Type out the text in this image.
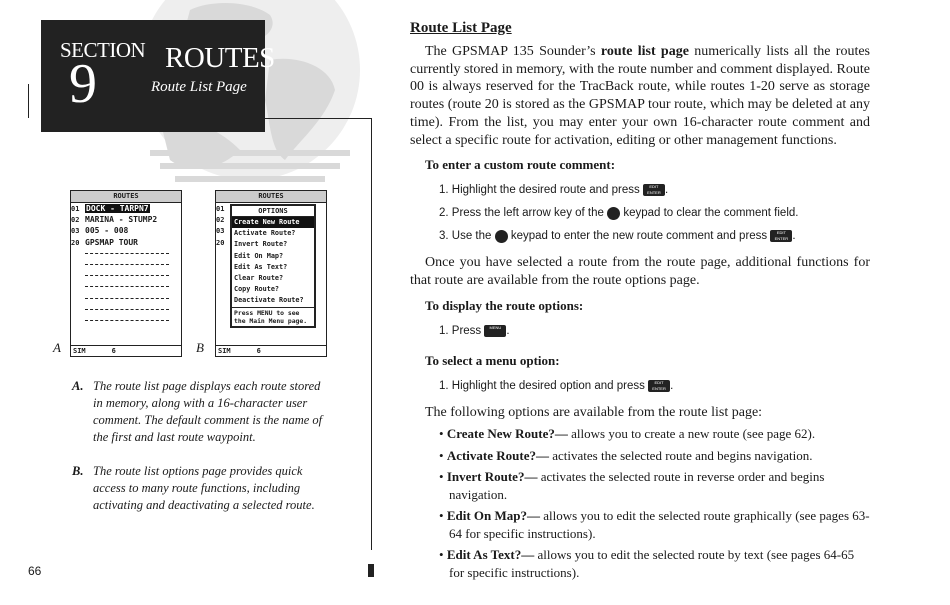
SECTION
9 ROUTES
Route List Page
ROUTES
01 DOCK - TARPN7
02 MARINA - STUMP2
03 005 - 008
20 GPSMAP TOUR

SIM	6
A
ROUTES
01
02
03
20
OPTIONS
Create New Route
Activate Route?
Invert Route?
Edit On Map?
Edit As Text?
Clear Route?
Copy Route?
Deactivate Route?
Press MENU to see the Main Menu page.
SIM	6
B
A. The route list page displays each route stored in memory, along with a 16-character user comment. The default comment is the name of the first and last route waypoint.
B. The route list options page provides quick access to many route functions, including activating and deactivating a selected route.
66
Route List Page

The GPSMAP 135 Sounder’s route list page numerically lists all the routes currently stored in memory, with the route number and comment displayed. Route 00 is always reserved for the TracBack route, while routes 1-20 serve as storage routes (route 20 is stored as the GPSMAP tour route, which may be deleted at any time). From the list, you may enter your own 16-character route comment and select a specific route for activation, editing or other management functions.

To enter a custom route comment:
1. Highlight the desired route and press EDIT ENTER .
2. Press the left arrow key of the keypad to clear the comment field.
3. Use the keypad to enter the new route comment and press EDIT ENTER .

Once you have selected a route from the route page, additional functions for that route are available from the route options page.

To display the route options:
1. Press MENU .
To select a menu option:
1. Highlight the desired option and press EDIT ENTER .

The following options are available from the route list page:

• Create New Route?— allows you to create a new route (see page 62).
• Activate Route?— activates the selected route and begins navigation.
• Invert Route?— activates the selected route in reverse order and begins navigation.
• Edit On Map?— allows you to edit the selected route graphically (see pages 63-64 for specific instructions).
• Edit As Text?— allows you to edit the selected route by text (see pages 64-65 for specific instructions).
